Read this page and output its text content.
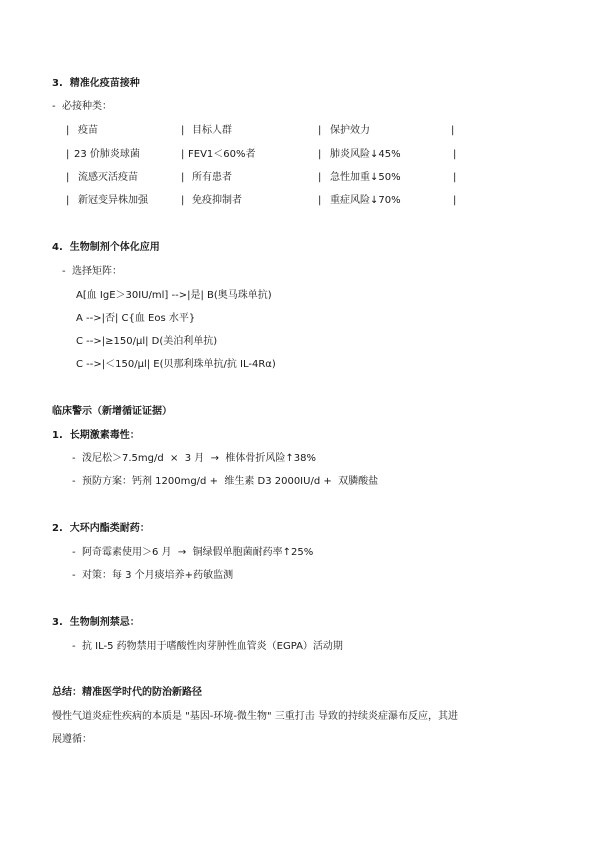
3.  精准化疫苗接种
-  必接种类：
| 疫苗	| 目标人群	| 保护效力	|
| 23 价肺炎球菌	| FEV1＜60%者	| 肺炎风险↓45%	|
| 流感灭活疫苗	| 所有患者	| 急性加重↓50%	|
| 新冠变异株加强	| 免疫抑制者	| 重症风险↓70%	|
4.  生物制剂个体化应用
-  选择矩阵：
A[血 IgE＞30IU/ml] -->|是| B(奥马珠单抗)
A -->|否| C{血 Eos 水平}
C -->|≥150/μl| D(美泊利单抗)
C -->|＜150/μl| E(贝那利珠单抗/抗 IL-4Rα)
临床警示（新增循证证据）
1.  长期激素毒性：
-  泼尼松＞7.5mg/d  ×  3 月  →  椎体骨折风险↑38%
-  预防方案：钙剂 1200mg/d +  维生素 D3 2000IU/d +  双膦酸盐
2.  大环内酯类耐药：
-  阿奇霉素使用＞6 月  →  铜绿假单胞菌耐药率↑25%
-  对策：每 3 个月痰培养+药敏监测
3.  生物制剂禁忌：
-  抗 IL-5 药物禁用于嗜酸性肉芽肿性血管炎（EGPA）活动期
总结：精准医学时代的防治新路径
慢性气道炎症性疾病的本质是 "基因-环境-微生物" 三重打击 导致的持续炎症瀑布反应，其进
展遵循：
